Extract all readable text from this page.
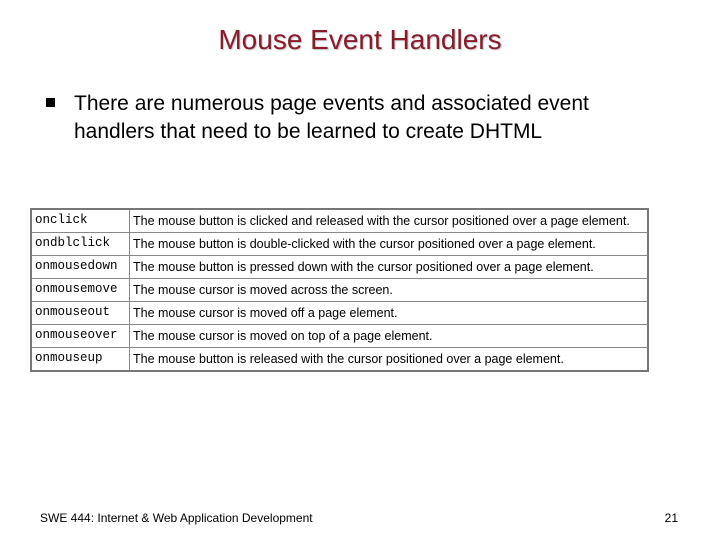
Mouse Event Handlers
There are numerous page events and associated event handlers that need to be learned to create DHTML
onclick	The mouse button is clicked and released with the cursor positioned over a page element.
ondblclick	The mouse button is double-clicked with the cursor positioned over a page element.
onmousedown	The mouse button is pressed down with the cursor positioned over a page element.
onmousemove	The mouse cursor is moved across the screen.
onmouseout	The mouse cursor is moved off a page element.
onmouseover	The mouse cursor is moved on top of a page element.
onmouseup	The mouse button is released with the cursor positioned over a page element.
SWE 444: Internet & Web Application Development	21
